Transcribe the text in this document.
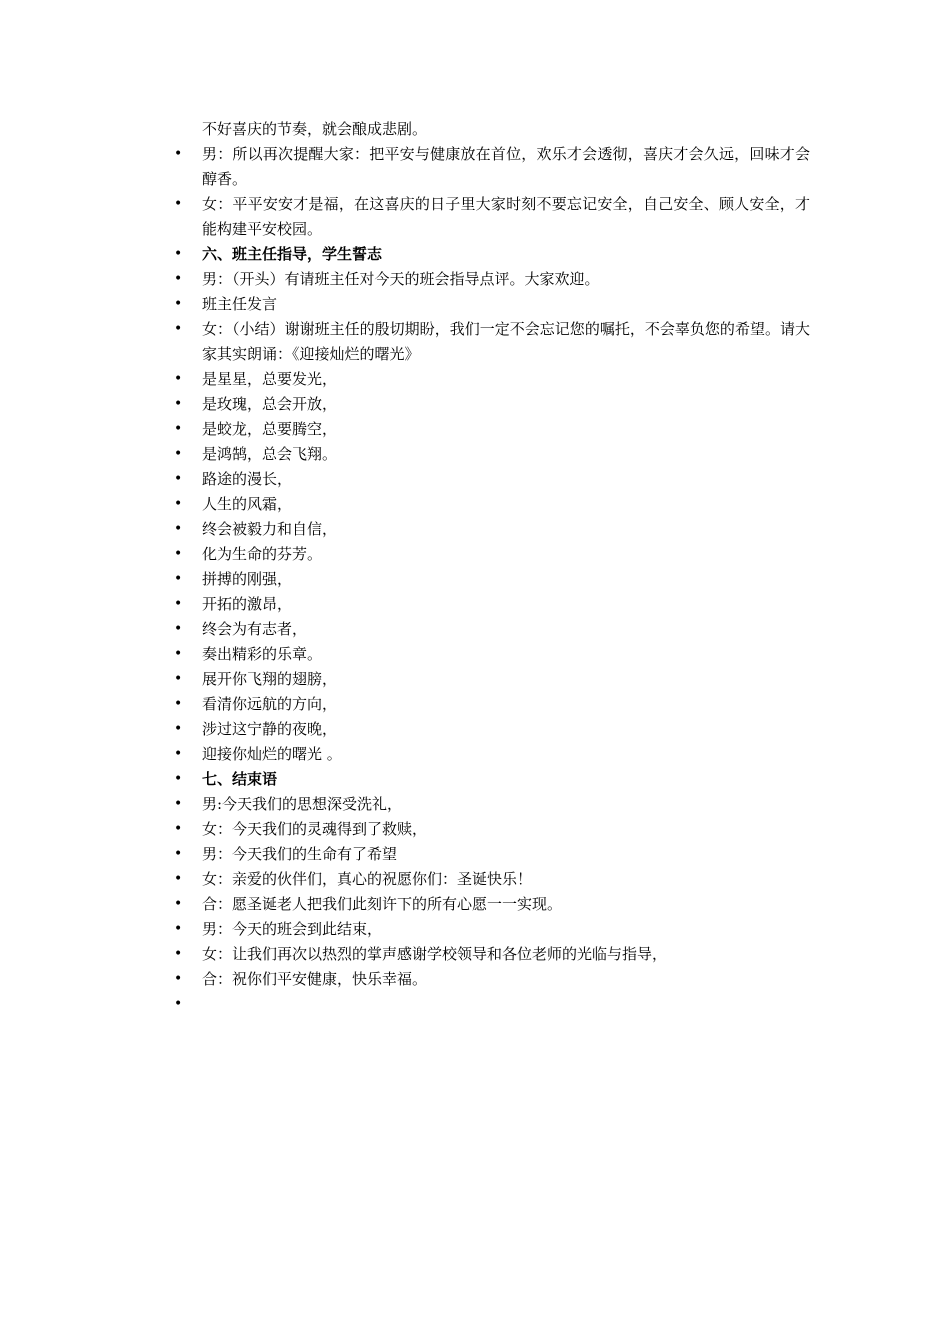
不好喜庆的节奏，就会酿成悲剧。

• 男：所以再次提醒大家：把平安与健康放在首位，欢乐才会透彻，喜庆才会久远，回味才会醇香。
• 女：平平安安才是福，在这喜庆的日子里大家时刻不要忘记安全，自己安全、顾人安全，才能构建平安校园。
• 六、班主任指导，学生誓志
• 男：（开头）有请班主任对今天的班会指导点评。大家欢迎。
• 班主任发言
• 女：（小结）谢谢班主任的殷切期盼，我们一定不会忘记您的嘱托，不会辜负您的希望。请大家其实朗诵：《迎接灿烂的曙光》
• 是星星，总要发光，
• 是玫瑰，总会开放，
• 是蛟龙，总要腾空，
• 是鸿鹄，总会飞翔。
• 路途的漫长，
• 人生的风霜，
• 终会被毅力和自信，
• 化为生命的芬芳。
• 拼搏的刚强，
• 开拓的激昂，
• 终会为有志者，
• 奏出精彩的乐章。
• 展开你飞翔的翅膀，
• 看清你远航的方向，
• 涉过这宁静的夜晚，
• 迎接你灿烂的曙光 。
• 七、结束语
• 男:今天我们的思想深受洗礼，
• 女：今天我们的灵魂得到了救赎，
• 男：今天我们的生命有了希望
• 女：亲爱的伙伴们，真心的祝愿你们：圣诞快乐！
• 合：愿圣诞老人把我们此刻许下的所有心愿一一实现。
• 男：今天的班会到此结束，
• 女：让我们再次以热烈的掌声感谢学校领导和各位老师的光临与指导，
• 合：祝你们平安健康，快乐幸福。
•
